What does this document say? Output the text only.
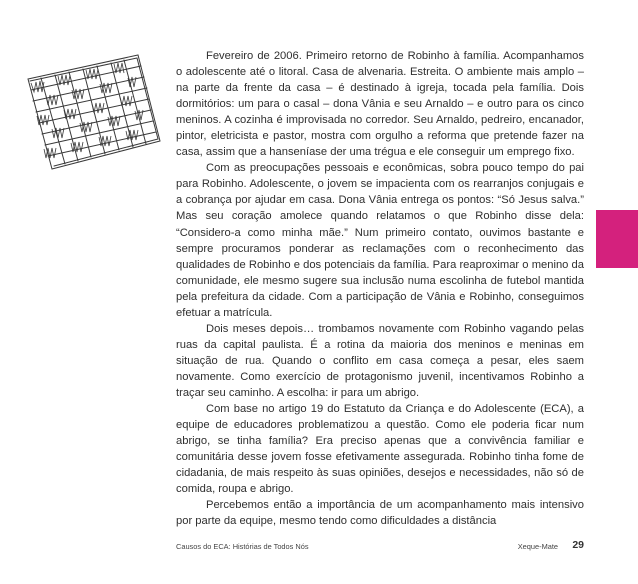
Fevereiro de 2006. Primeiro retorno de Robinho à família. Acompanhamos o adolescente até o litoral. Casa de alvenaria. Estreita. O ambiente mais amplo – na parte da frente da casa – é destinado à igreja, tocada pela família. Dois dormitórios: um para o casal – dona Vânia e seu Arnaldo – e outro para os cinco meninos. A cozinha é improvisada no corredor. Seu Arnaldo, pedreiro, encanador, pintor, eletricista e pastor, mostra com orgulho a reforma que pretende fazer na casa, assim que a hanseníase der uma trégua e ele conseguir um emprego fixo.

Com as preocupações pessoais e econômicas, sobra pouco tempo do pai para Robinho. Adolescente, o jovem se impacienta com os rearranjos conjugais e a cobrança por ajudar em casa. Dona Vânia entrega os pontos: “Só Jesus salva.” Mas seu coração amolece quando relatamos o que Robinho disse dela: “Considero-a como minha mãe.” Num primeiro contato, ouvimos bastante e sempre procuramos ponderar as reclamações com o reconhecimento das qualidades de Robinho e dos potenciais da família. Para reaproximar o menino da comunidade, ele mesmo sugere sua inclusão numa escolinha de futebol mantida pela prefeitura da cidade. Com a participação de Vânia e Robinho, conseguimos efetuar a matrícula.

Dois meses depois… trombamos novamente com Robinho vagando pelas ruas da capital paulista. É a rotina da maioria dos meninos e meninas em situação de rua. Quando o conflito em casa começa a pesar, eles saem novamente. Como exercício de protagonismo juvenil, incentivamos Robinho a traçar seu caminho. A escolha: ir para um abrigo.

Com base no artigo 19 do Estatuto da Criança e do Adolescente (ECA), a equipe de educadores problematizou a questão. Como ele poderia ficar num abrigo, se tinha família? Era preciso apenas que a convivência familiar e comunitária desse jovem fosse efetivamente assegurada. Robinho tinha fome de cidadania, de mais respeito às suas opiniões, desejos e necessidades, não só de comida, roupa e abrigo.

Percebemos então a importância de um acompanhamento mais intensivo por parte da equipe, mesmo tendo como dificuldades a distância

Causos do ECA: Histórias de Todos Nós	Xeque-Mate 29
